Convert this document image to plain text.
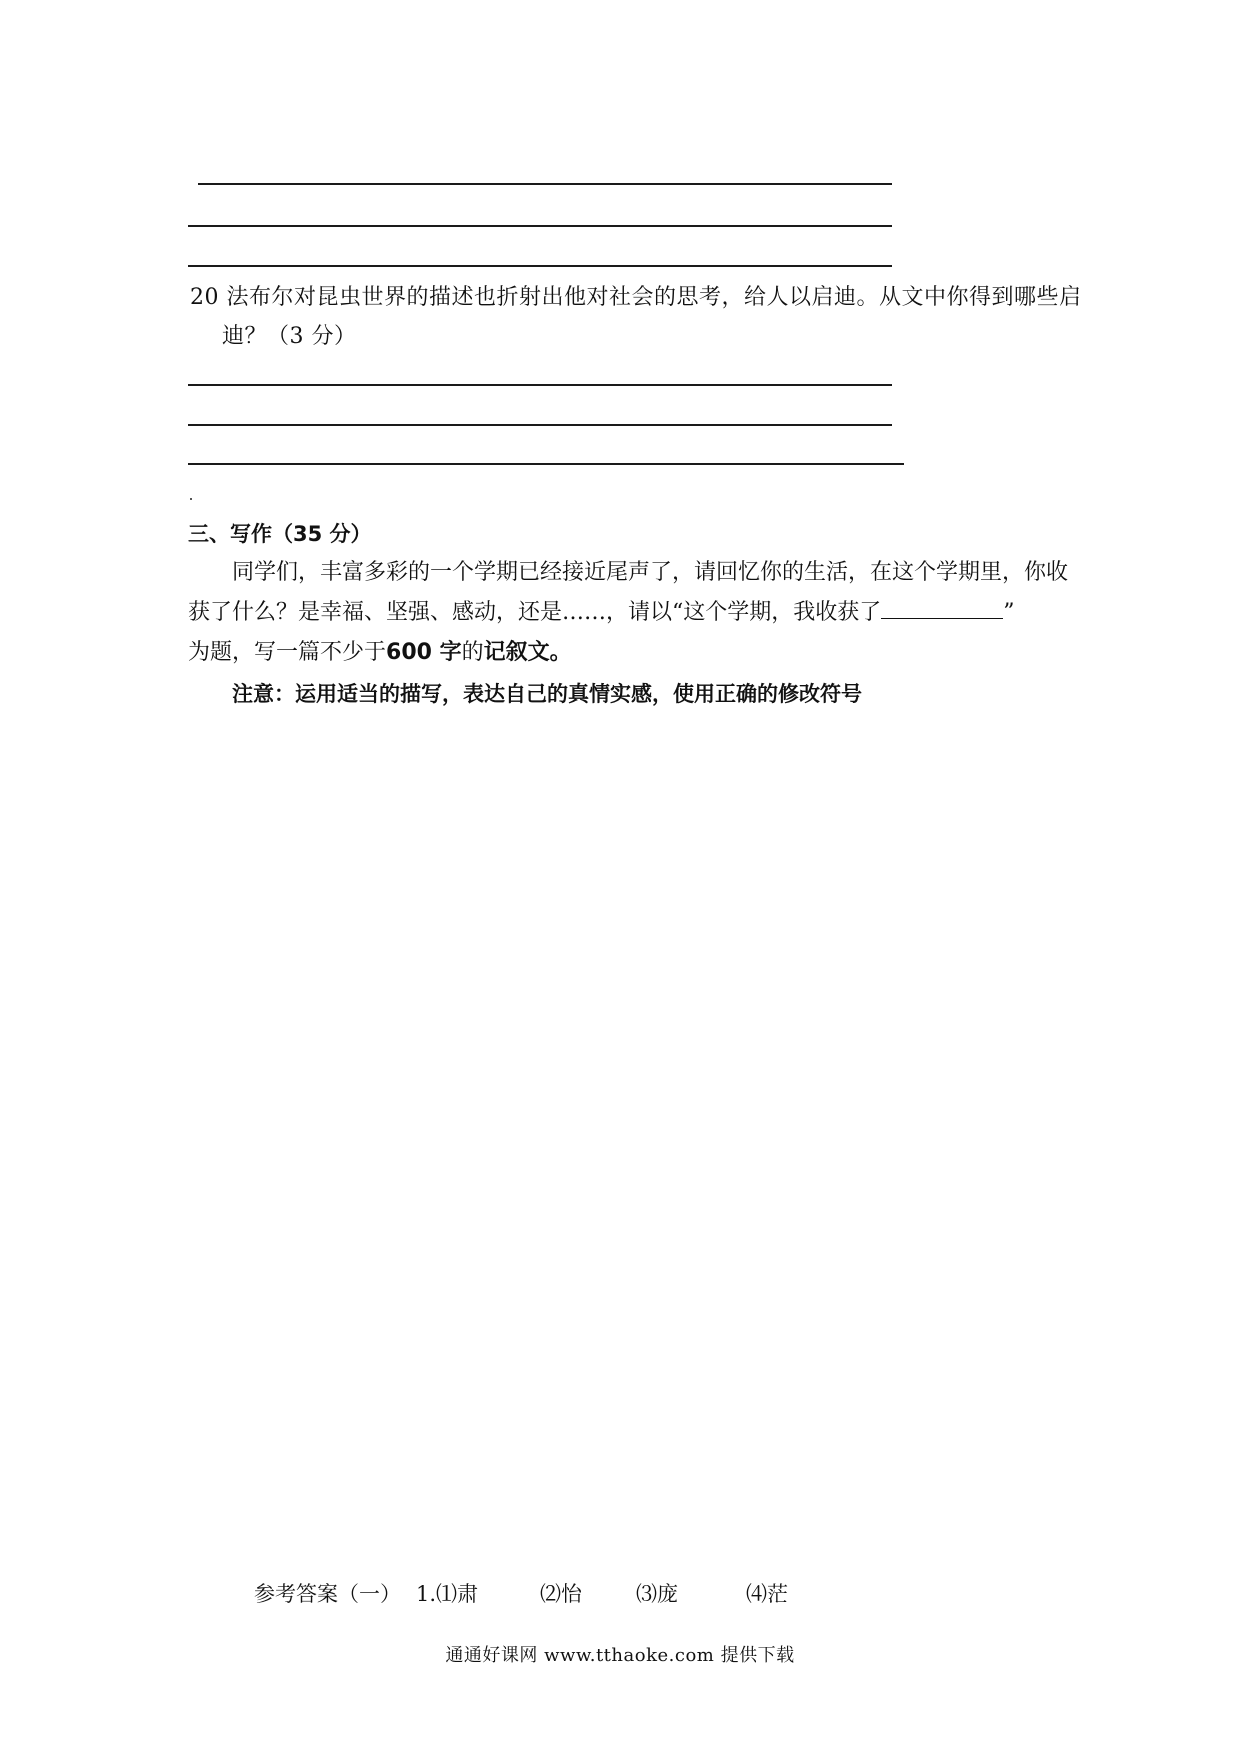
20 法布尔对昆虫世界的描述也折射出他对社会的思考，给人以启迪。从文中你得到哪些启
迪？（3 分）
三、写作（35 分）
同学们，丰富多彩的一个学期已经接近尾声了，请回忆你的生活，在这个学期里，你收
获了什么？是幸福、坚强、感动，还是……，请以“这个学期，我收获了	”
为题，写一篇不少于600 字的记叙文。
注意：运用适当的描写，表达自己的真情实感，使用正确的修改符号
参考答案（一） 1.⑴肃	⑵怡	⑶庞	⑷茫
通通好课网 www.tthaoke.com 提供下载
